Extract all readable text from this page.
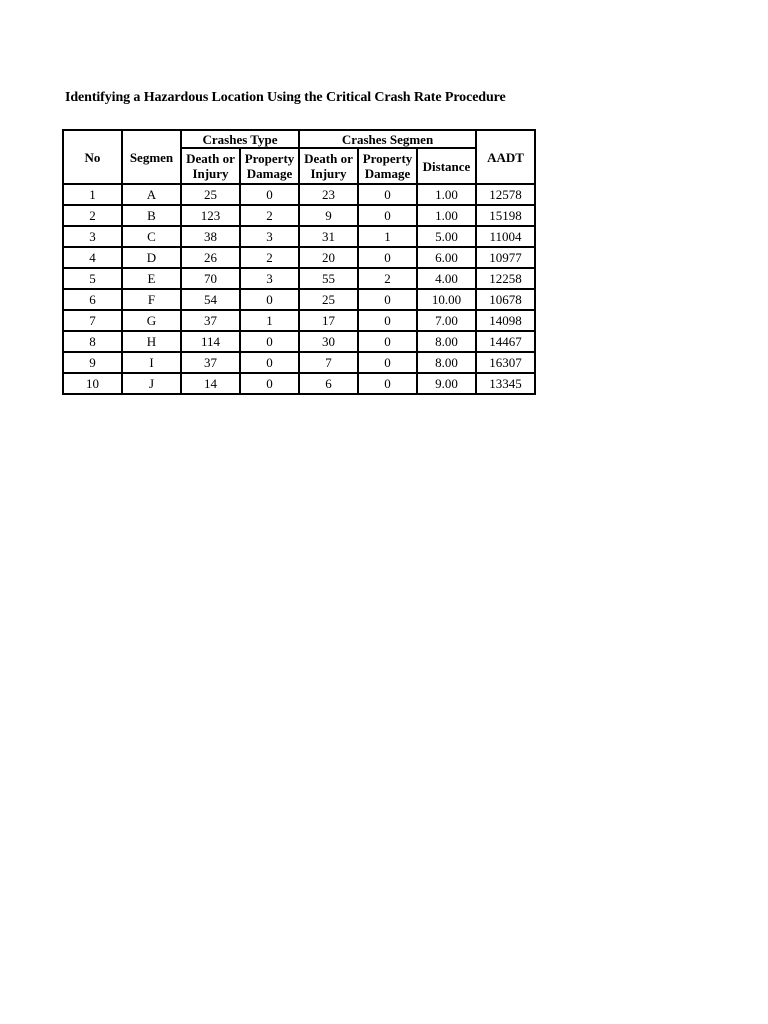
Identifying a Hazardous Location Using the Critical Crash Rate Procedure
No	Segmen	Crashes Type		Crashes Segmen			AADT
		Death or Injury	Property Damage	Death or Injury	Property Damage	Distance	
1	A	25	0	23	0	1.00	12578
2	B	123	2	9	0	1.00	15198
3	C	38	3	31	1	5.00	11004
4	D	26	2	20	0	6.00	10977
5	E	70	3	55	2	4.00	12258
6	F	54	0	25	0	10.00	10678
7	G	37	1	17	0	7.00	14098
8	H	114	0	30	0	8.00	14467
9	I	37	0	7	0	8.00	16307
10	J	14	0	6	0	9.00	13345
